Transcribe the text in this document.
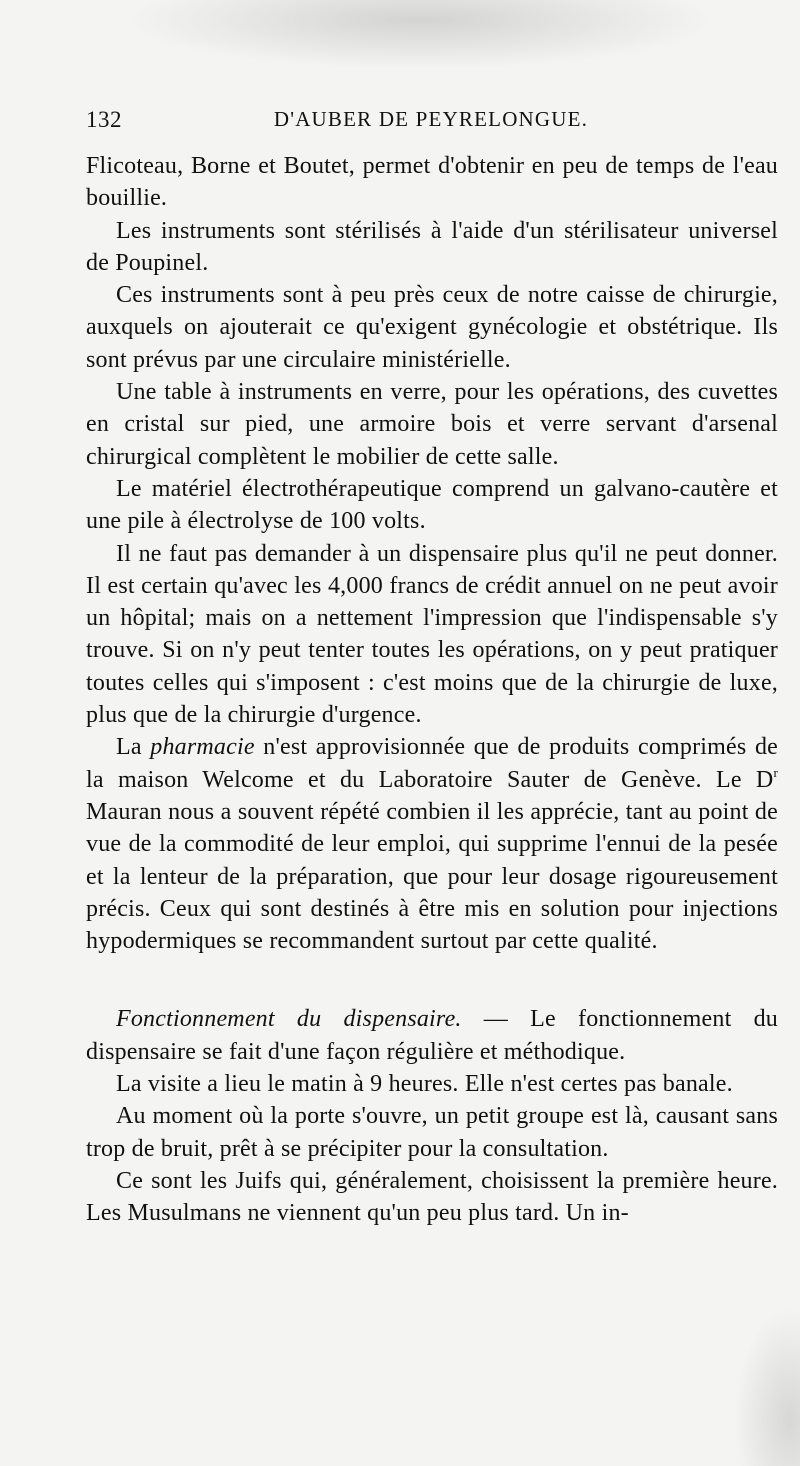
132	D'AUBER DE PEYRELONGUE.

Flicoteau, Borne et Boutet, permet d'obtenir en peu de temps de l'eau bouillie.

Les instruments sont stérilisés à l'aide d'un stérilisateur universel de Poupinel.

Ces instruments sont à peu près ceux de notre caisse de chirurgie, auxquels on ajouterait ce qu'exigent gynécologie et obstétrique. Ils sont prévus par une circulaire ministérielle.

Une table à instruments en verre, pour les opérations, des cuvettes en cristal sur pied, une armoire bois et verre servant d'arsenal chirurgical complètent le mobilier de cette salle.

Le matériel électrothérapeutique comprend un galvano-cautère et une pile à électrolyse de 100 volts.

Il ne faut pas demander à un dispensaire plus qu'il ne peut donner. Il est certain qu'avec les 4,000 francs de crédit annuel on ne peut avoir un hôpital; mais on a nettement l'impression que l'indispensable s'y trouve. Si on n'y peut tenter toutes les opérations, on y peut pratiquer toutes celles qui s'imposent : c'est moins que de la chirurgie de luxe, plus que de la chirurgie d'urgence.

La pharmacie n'est approvisionnée que de produits comprimés de la maison Welcome et du Laboratoire Sauter de Genève. Le $D^r$ Mauran nous a souvent répété combien il les apprécie, tant au point de vue de la commodité de leur emploi, qui supprime l'ennui de la pesée et la lenteur de la préparation, que pour leur dosage rigoureusement précis. Ceux qui sont destinés à être mis en solution pour injections hypodermiques se recommandent surtout par cette qualité.

Fonctionnement du dispensaire. — Le fonctionnement du dispensaire se fait d'une façon régulière et méthodique.

La visite a lieu le matin à 9 heures. Elle n'est certes pas banale.

Au moment où la porte s'ouvre, un petit groupe est là, causant sans trop de bruit, prêt à se précipiter pour la consultation.

Ce sont les Juifs qui, généralement, choisissent la première heure. Les Musulmans ne viennent qu'un peu plus tard. Un in-
